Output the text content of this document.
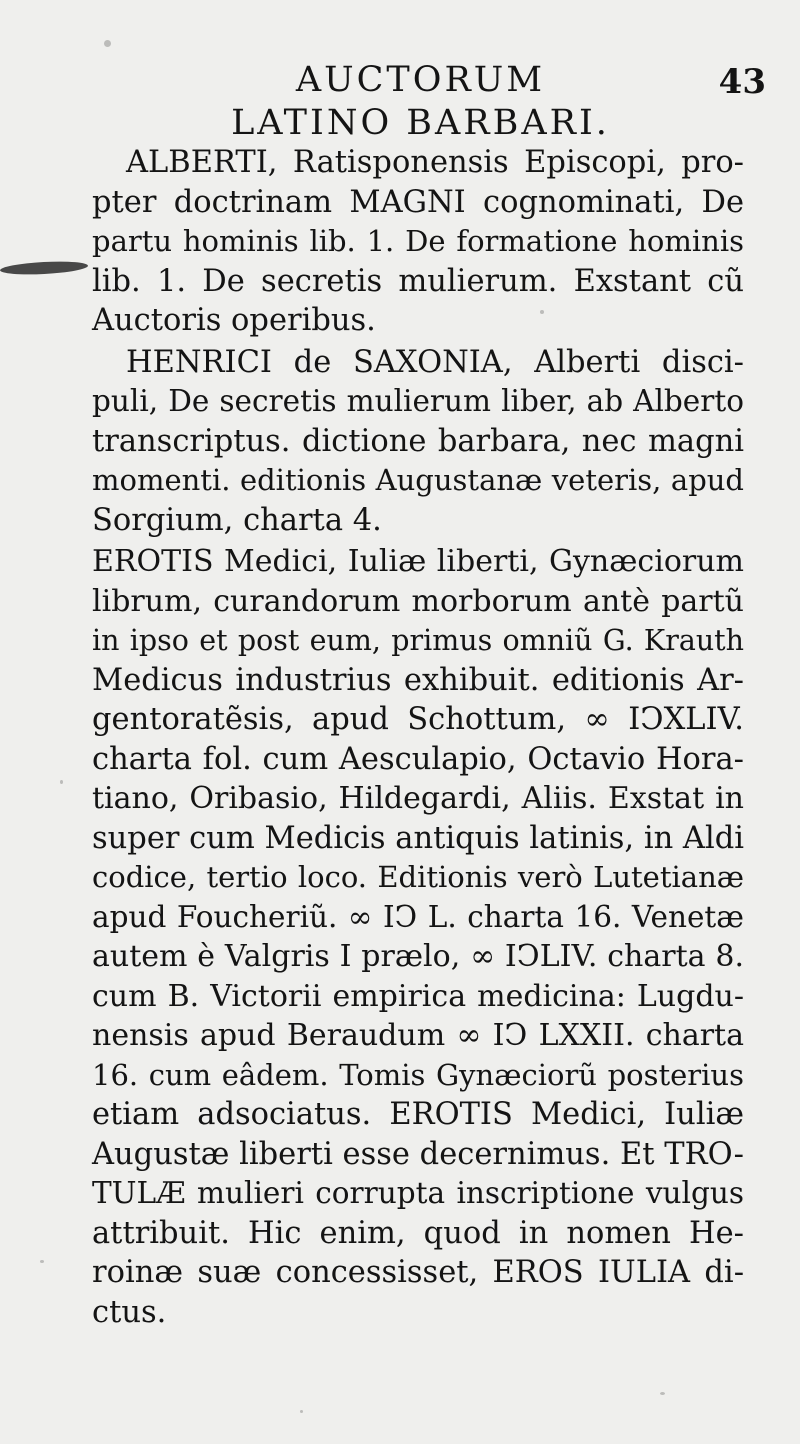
AUCTORUM
LATINO BARBARI.
43
ALBERTI, Ratisponensis Episcopi, pro-
pter doctrinam MAGNI cognominati, De
partu hominis lib. 1. De formatione hominis
lib. 1. De secretis mulierum. Exstant cũ
Auctoris operibus.
HENRICI de SAXONIA, Alberti disci-
puli, De secretis mulierum liber, ab Alberto
transcriptus. dictione barbara, nec magni
momenti. editionis Augustanæ veteris, apud
Sorgium, charta 4.
EROTIS Medici, Iuliæ liberti, Gynæciorum
librum, curandorum morborum antè partũ
in ipso et post eum, primus omniũ G. Krauth
Medicus industrius exhibuit. editionis Ar-
gentoratẽsis, apud Schottum, ∞ IↃXLIV.
charta fol. cum Aesculapio, Octavio Hora-
tiano, Oribasio, Hildegardi, Aliis. Exstat in
super cum Medicis antiquis latinis, in Aldi
codice, tertio loco. Editionis verò Lutetianæ
apud Foucheriũ. ∞ IↃ L. charta 16. Venetæ
autem è Valgris I prælo, ∞ IↃLIV. charta 8.
cum B. Victorii empirica medicina: Lugdu-
nensis apud Beraudum ∞ IↃ LXXII. charta
16. cum eâdem. Tomis Gynæciorũ posterius
etiam adsociatus. EROTIS Medici, Iuliæ
Augustæ liberti esse decernimus. Et TRO-
TULÆ mulieri corrupta inscriptione vulgus
attribuit. Hic enim, quod in nomen He-
roinæ suæ concessisset, EROS IULIA di-
ctus.
